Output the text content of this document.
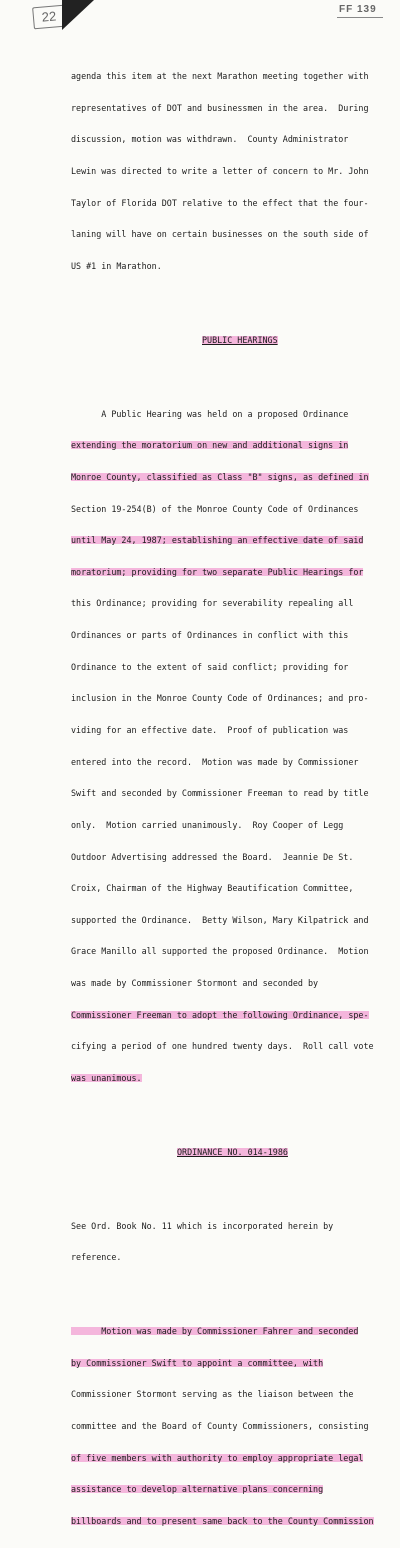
22	FF 139

agenda this item at the next Marathon meeting together with

representatives of DOT and businessmen in the area.  During

discussion, motion was withdrawn.  County Administrator

Lewin was directed to write a letter of concern to Mr. John

Taylor of Florida DOT relative to the effect that the four-

laning will have on certain businesses on the south side of

US #1 in Marathon.

PUBLIC HEARINGS

A Public Hearing was held on a proposed Ordinance

extending the moratorium on new and additional signs in

Monroe County, classified as Class "B" signs, as defined in

Section 19-254(B) of the Monroe County Code of Ordinances

until May 24, 1987; establishing an effective date of said

moratorium; providing for two separate Public Hearings for

this Ordinance; providing for severability repealing all

Ordinances or parts of Ordinances in conflict with this

Ordinance to the extent of said conflict; providing for

inclusion in the Monroe County Code of Ordinances; and pro-

viding for an effective date.  Proof of publication was

entered into the record.  Motion was made by Commissioner

Swift and seconded by Commissioner Freeman to read by title

only.  Motion carried unanimously.  Roy Cooper of Legg

Outdoor Advertising addressed the Board.  Jeannie De St.

Croix, Chairman of the Highway Beautification Committee,

supported the Ordinance.  Betty Wilson, Mary Kilpatrick and

Grace Manillo all supported the proposed Ordinance.  Motion

was made by Commissioner Stormont and seconded by

Commissioner Freeman to adopt the following Ordinance, spe-

cifying a period of one hundred twenty days.  Roll call vote

was unanimous.

ORDINANCE NO. 014-1986

See Ord. Book No. 11 which is incorporated herein by

reference.

Motion was made by Commissioner Fahrer and seconded

by Commissioner Swift to appoint a committee, with

Commissioner Stormont serving as the liaison between the

committee and the Board of County Commissioners, consisting

of five members with authority to employ appropriate legal

assistance to develop alternative plans concerning

billboards and to present same back to the County Commission
